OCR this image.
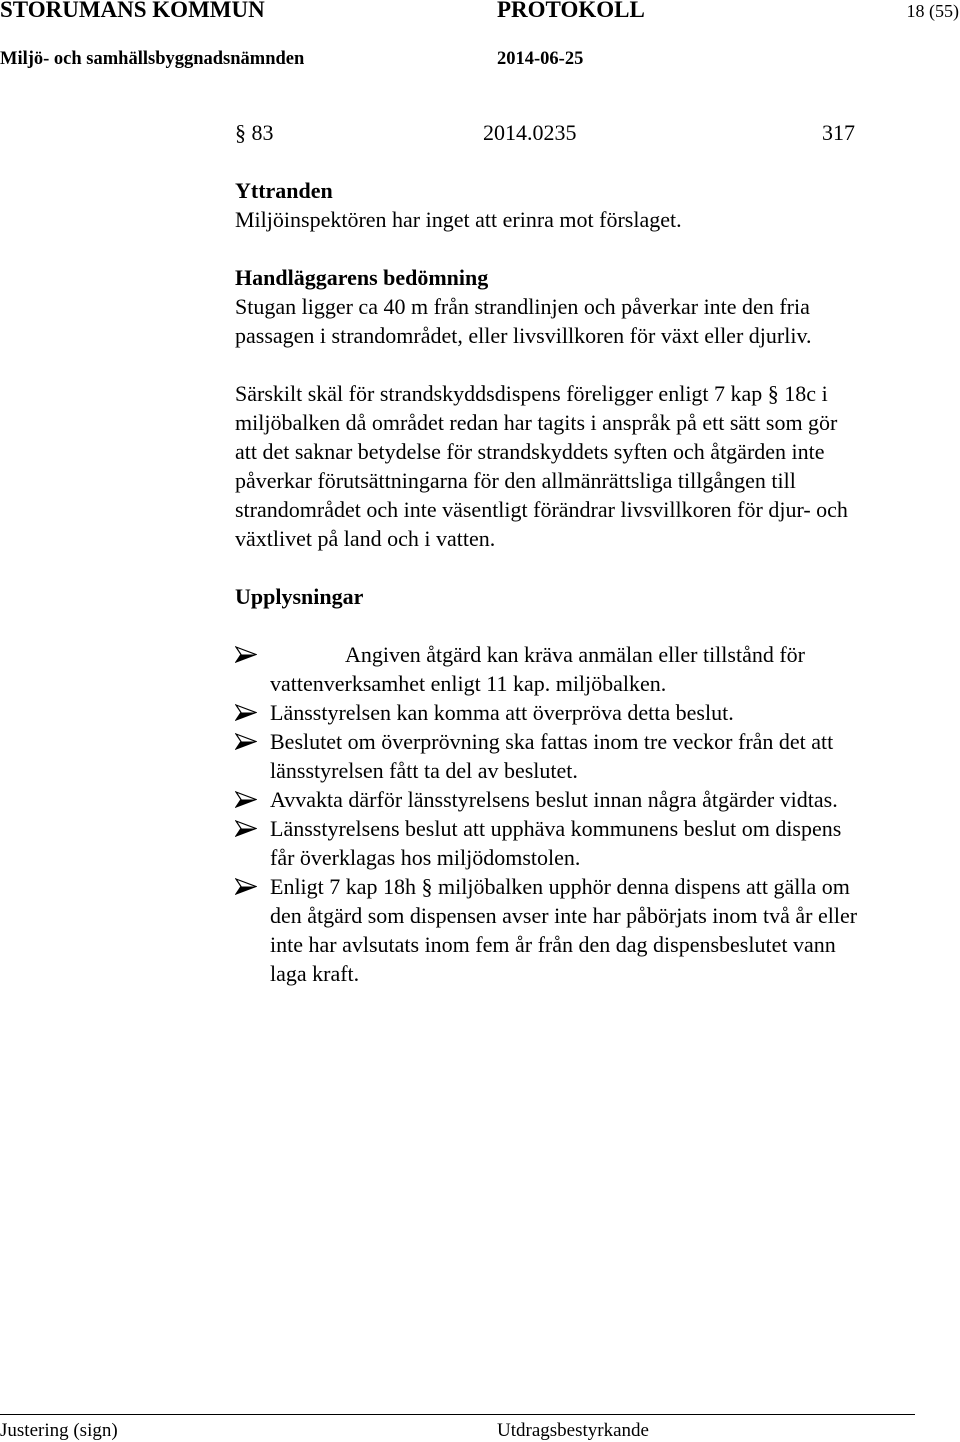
STORUMANS KOMMUN	PROTOKOLL	18 (55)
Miljö- och samhällsbyggnadsnämnden	2014-06-25
§ 83	2014.0235	317
Yttranden
Miljöinspektören har inget att erinra mot förslaget.
Handläggarens bedömning
Stugan ligger ca 40 m från strandlinjen och påverkar inte den fria
passagen i strandområdet, eller livsvillkoren för växt eller djurliv.
Särskilt skäl för strandskyddsdispens föreligger enligt 7 kap § 18c i
miljöbalken då området redan har tagits i anspråk på ett sätt som gör
att det saknar betydelse för strandskyddets syften och åtgärden inte
påverkar förutsättningarna för den allmänrättsliga tillgången till
strandområdet och inte väsentligt förändrar livsvillkoren för djur- och
växtlivet på land och i vatten.
Upplysningar
Angiven åtgärd kan kräva anmälan eller tillstånd för
vattenverksamhet enligt 11 kap. miljöbalken.
Länsstyrelsen kan komma att överpröva detta beslut.
Beslutet om överprövning ska fattas inom tre veckor från det att
länsstyrelsen fått ta del av beslutet.
Avvakta därför länsstyrelsens beslut innan några åtgärder vidtas.
Länsstyrelsens beslut att upphäva kommunens beslut om dispens
får överklagas hos miljödomstolen.
Enligt 7 kap 18h § miljöbalken upphör denna dispens att gälla om
den åtgärd som dispensen avser inte har påbörjats inom två år eller
inte har avlsutats inom fem år från den dag dispensbeslutet vann
laga kraft.
Justering (sign)	Utdragsbestyrkande
